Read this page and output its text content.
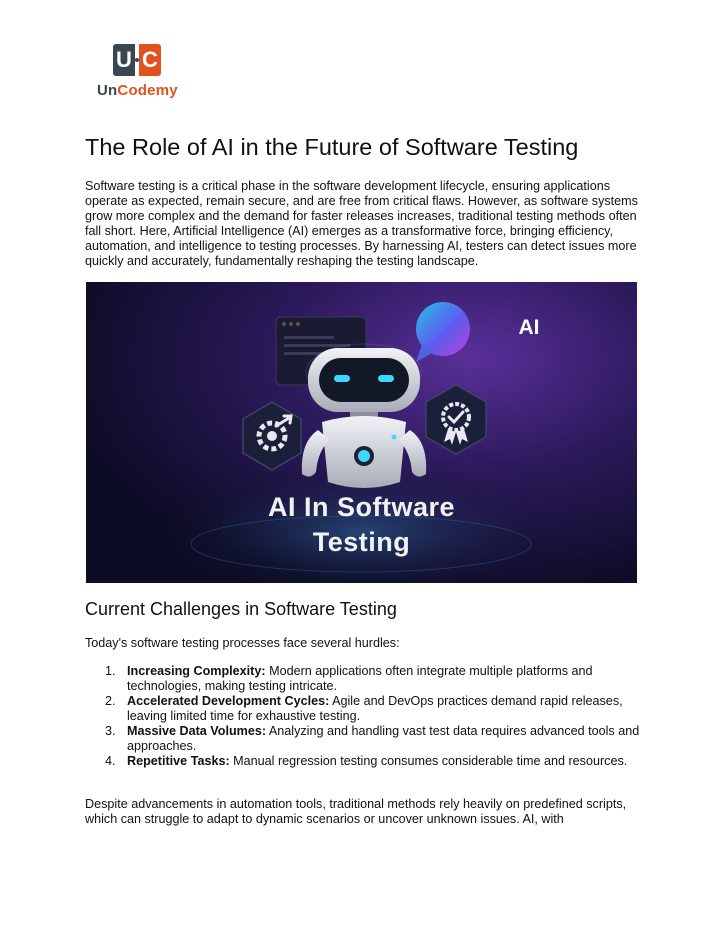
U C
UnCodemy
The Role of AI in the Future of Software Testing

Software testing is a critical phase in the software development lifecycle, ensuring applications operate as expected, remain secure, and are free from critical flaws. However, as software systems grow more complex and the demand for faster releases increases, traditional testing methods often fall short. Here, Artificial Intelligence (AI) emerges as a transformative force, bringing efficiency, automation, and intelligence to testing processes. By harnessing AI, testers can detect issues more quickly and accurately, fundamentally reshaping the testing landscape.

AI
AI In Software
Testing
Current Challenges in Software Testing

Today's software testing processes face several hurdles:

1. Increasing Complexity: Modern applications often integrate multiple platforms and technologies, making testing intricate.
2. Accelerated Development Cycles: Agile and DevOps practices demand rapid releases, leaving limited time for exhaustive testing.
3. Massive Data Volumes: Analyzing and handling vast test data requires advanced tools and approaches.
4. Repetitive Tasks: Manual regression testing consumes considerable time and resources.

Despite advancements in automation tools, traditional methods rely heavily on predefined scripts, which can struggle to adapt to dynamic scenarios or uncover unknown issues. AI, with
